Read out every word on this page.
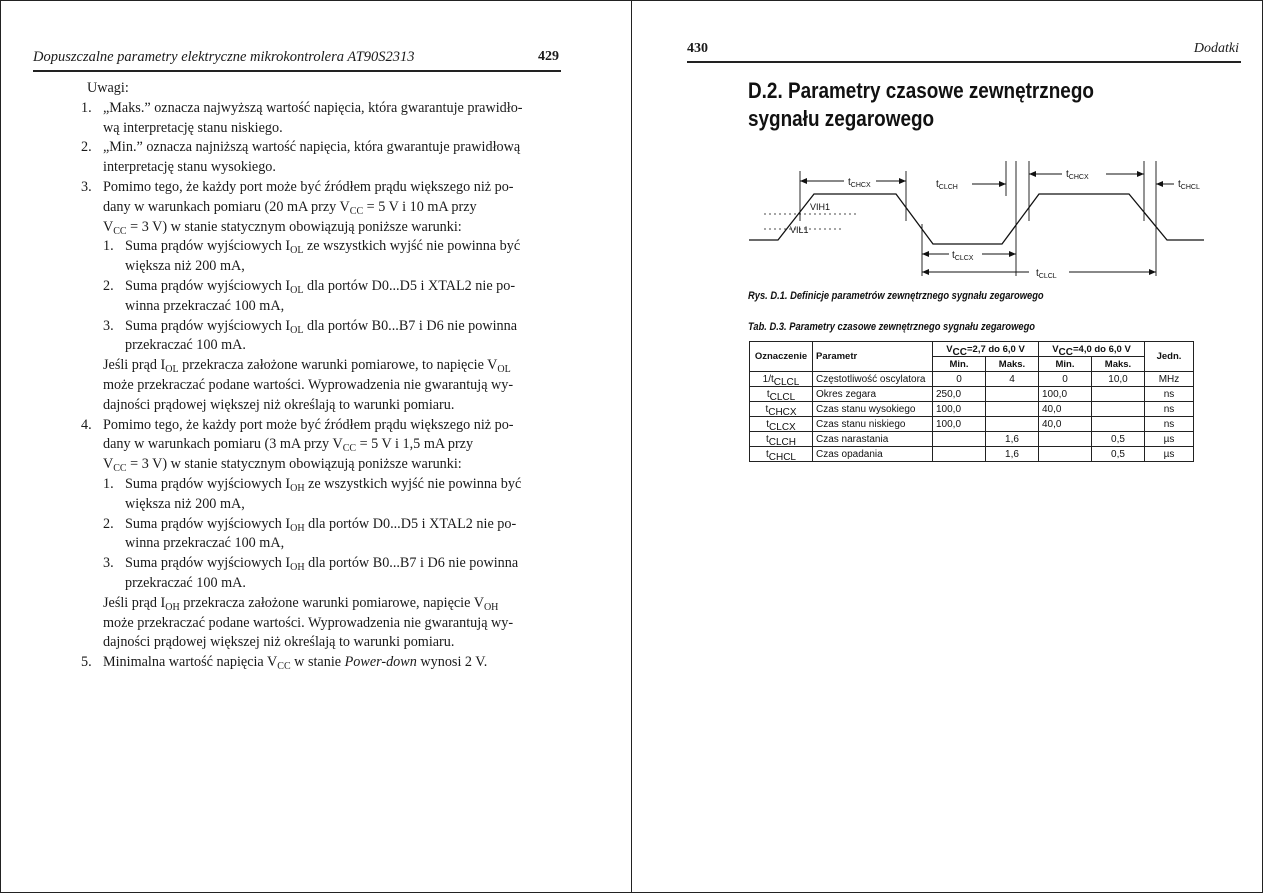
Dopuszczalne parametry elektryczne mikrokontrolera AT90S2313	429
Uwagi:
1. „Maks.” oznacza najwyższą wartość napięcia, która gwarantuje prawidło-
wą interpretację stanu niskiego.
2. „Min.” oznacza najniższą wartość napięcia, która gwarantuje prawidłową
interpretację stanu wysokiego.
3. Pomimo tego, że każdy port może być źródłem prądu większego niż po-
dany w warunkach pomiaru (20 mA przy $V_{CC} = 5$ V i 10 mA przy
$V_{CC} = 3$ V) w stanie statycznym obowiązują poniższe warunki:
1. Suma prądów wyjściowych $I_{OL}$ ze wszystkich wyjść nie powinna być
większa niż 200 mA,
2. Suma prądów wyjściowych $I_{OL}$ dla portów D0...D5 i XTAL2 nie po-
winna przekraczać 100 mA,
3. Suma prądów wyjściowych $I_{OL}$ dla portów B0...B7 i D6 nie powinna
przekraczać 100 mA.
Jeśli prąd $I_{OL}$ przekracza założone warunki pomiarowe, to napięcie $V_{OL}$
może przekraczać podane wartości. Wyprowadzenia nie gwarantują wy-
dajności prądowej większej niż określają to warunki pomiaru.
4. Pomimo tego, że każdy port może być źródłem prądu większego niż po-
dany w warunkach pomiaru (3 mA przy $V_{CC} = 5$ V i 1,5 mA przy
$V_{CC} = 3$ V) w stanie statycznym obowiązują poniższe warunki:
1. Suma prądów wyjściowych $I_{OH}$ ze wszystkich wyjść nie powinna być
większa niż 200 mA,
2. Suma prądów wyjściowych $I_{OH}$ dla portów D0...D5 i XTAL2 nie po-
winna przekraczać 100 mA,
3. Suma prądów wyjściowych $I_{OH}$ dla portów B0...B7 i D6 nie powinna
przekraczać 100 mA.
Jeśli prąd $I_{OH}$ przekracza założone warunki pomiarowe, napięcie $V_{OH}$
może przekraczać podane wartości. Wyprowadzenia nie gwarantują wy-
dajności prądowej większej niż określają to warunki pomiaru.
5. Minimalna wartość napięcia $V_{CC}$ w stanie Power-down wynosi 2 V.
430	Dodatki
D.2. Parametry czasowe zewnętrznego
sygnału zegarowego
$t_{CHCX}$	$t_{CLCH}$
$t_{CHCX}$
$t_{CHCL}$
$t_{CLCX}$
$t_{CLCL}$
VIH1
VIL1
Rys. D.1. Definicje parametrów zewnętrznego sygnału zegarowego
Tab. D.3. Parametry czasowe zewnętrznego sygnału zegarowego
Oznaczenie	Parametr	$V_{CC}=2,7$ do 6,0 V		$V_{CC}=4,0$ do 6,0 V		Jedn.
		Min.	Maks.	Min.	Maks.	
$1/t_{CLCL}$	Częstotliwość oscylatora	0	4	0	10,0	MHz
$t_{CLCL}$	Okres zegara	250,0		100,0		ns
$t_{CHCX}$	Czas stanu wysokiego	100,0		40,0		ns
$t_{CLCX}$	Czas stanu niskiego	100,0		40,0		ns
$t_{CLCH}$	Czas narastania		1,6		0,5	µs
$t_{CHCL}$	Czas opadania		1,6		0,5	µs
